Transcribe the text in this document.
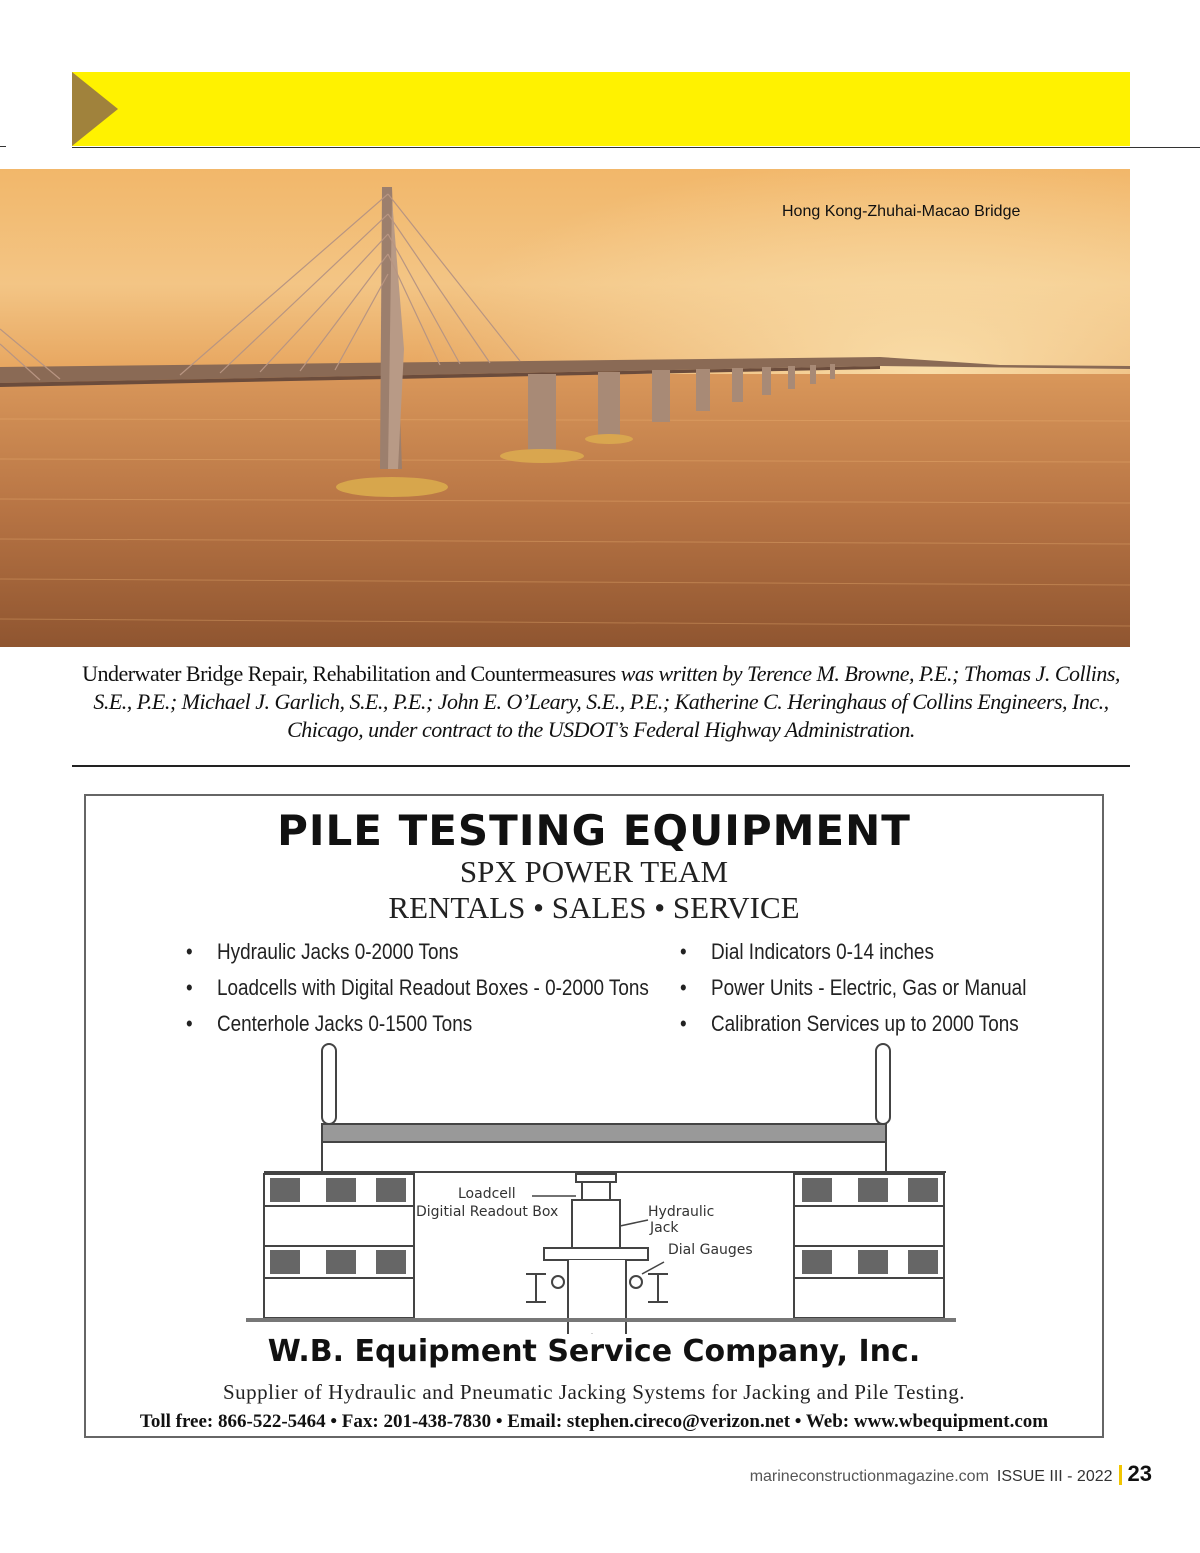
Hong Kong-Zhuhai-Macao Bridge
Underwater Bridge Repair, Rehabilitation and Countermeasures was written by Terence M. Browne, P.E.; Thomas J. Collins, S.E., P.E.; Michael J. Garlich, S.E., P.E.; John E. O’Leary, S.E., P.E.; Katherine C. Heringhaus of Collins Engineers, Inc., Chicago, under contract to the USDOT’s Federal Highway Administration.
PILE TESTING EQUIPMENT
SPX POWER TEAM
RENTALS • SALES • SERVICE
• Hydraulic Jacks 0-2000 Tons
• Loadcells with Digital Readout Boxes - 0-2000 Tons
• Centerhole Jacks 0-1500 Tons
• Dial Indicators 0-14 inches
• Power Units - Electric, Gas or Manual
• Calibration Services up to 2000 Tons
Loadcell
Digitial Readout Box	Hydraulic
Jack
Dial Gauges
W.B. Equipment Service Company, Inc.
Supplier of Hydraulic and Pneumatic Jacking Systems for Jacking and Pile Testing.
Toll free: 866-522-5464 • Fax: 201-438-7830 • Email: stephen.cireco@verizon.net • Web: www.wbequipment.com
marineconstructionmagazine.com ISSUE III - 2022 23
